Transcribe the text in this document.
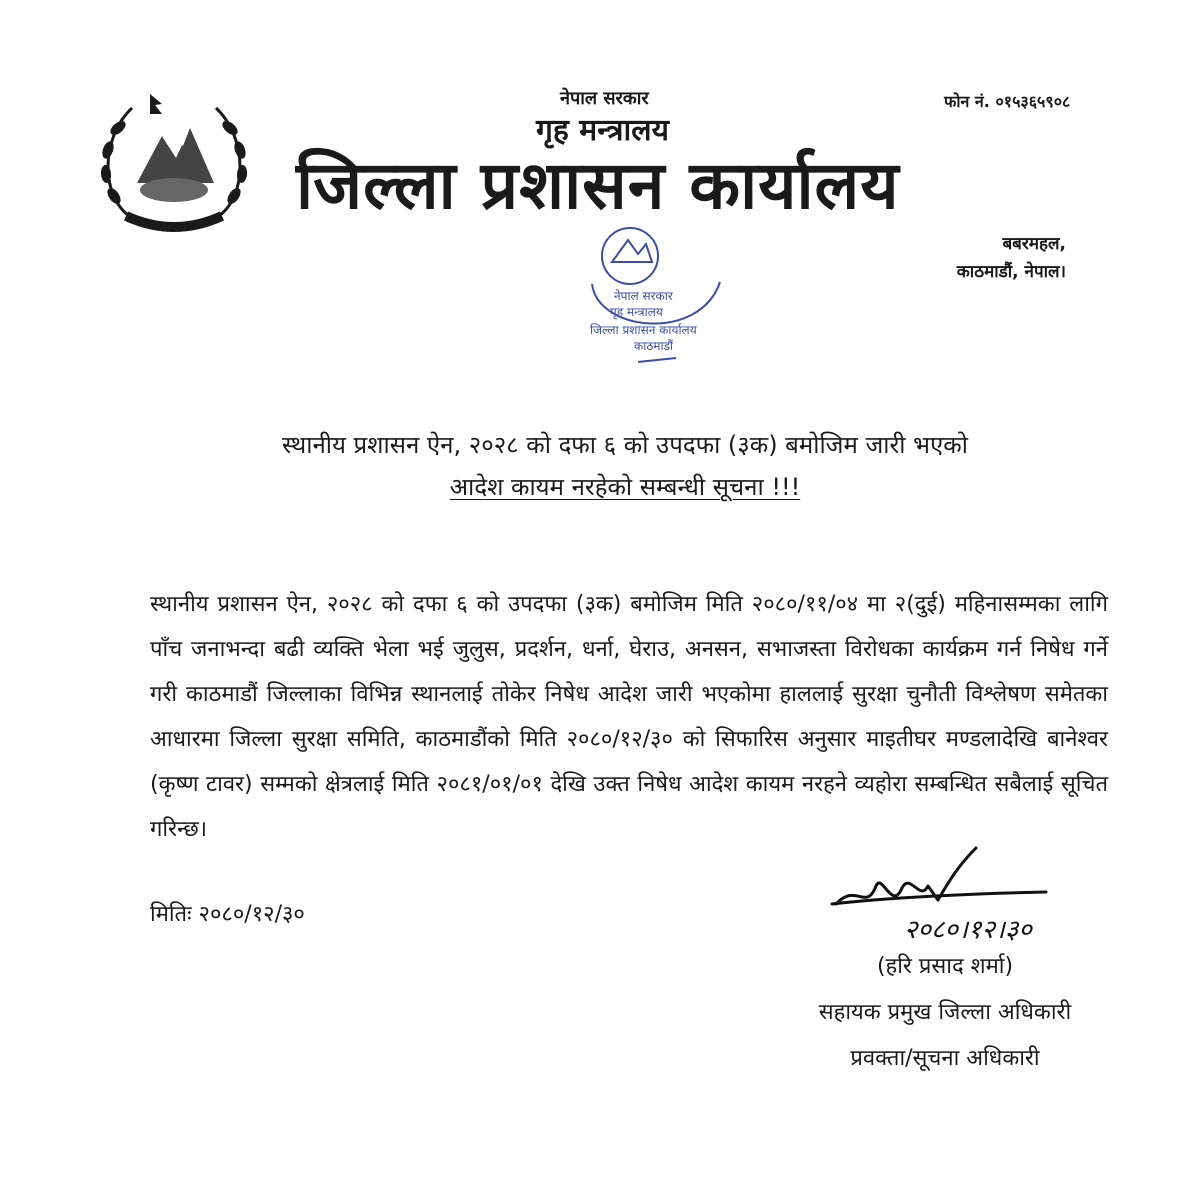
नेपाल सरकार
गृह मन्त्रालय
जिल्ला प्रशासन कार्यालय
फोन नं. ०१५३६५९०८
बबरमहल,
काठमाडौं, नेपाल।
नेपाल सरकार
गृह मन्त्रालय
जिल्ला प्रशासन कार्यालय
काठमाडौं
स्थानीय प्रशासन ऐन, २०२८ को दफा ६ को उपदफा (३क) बमोजिम जारी भएको
आदेश कायम नरहेको सम्बन्धी सूचना !!!
स्थानीय प्रशासन ऐन, २०२८ को दफा ६ को उपदफा (३क) बमोजिम मिति २०८०/११/०४ मा २(दुई) महिनासम्मका लागि पाँच जनाभन्दा बढी व्यक्ति भेला भई जुलुस, प्रदर्शन, धर्ना, घेराउ, अनसन, सभाजस्ता विरोधका कार्यक्रम गर्न निषेध गर्ने गरी काठमाडौं जिल्लाका विभिन्न स्थानलाई तोकेर निषेध आदेश जारी भएकोमा हाललाई सुरक्षा चुनौती विश्लेषण समेतका आधारमा जिल्ला सुरक्षा समिति, काठमाडौंको मिति २०८०/१२/३० को सिफारिस अनुसार माइतीघर मण्डलादेखि बानेश्वर (कृष्ण टावर) सम्मको क्षेत्रलाई मिति २०८१/०१/०१ देखि उक्त निषेध आदेश कायम नरहने व्यहोरा सम्बन्धित सबैलाई सूचित गरिन्छ।
मितिः २०८०/१२/३०
२०८०।१२।३०
(हरि प्रसाद शर्मा)
सहायक प्रमुख जिल्ला अधिकारी
प्रवक्ता/सूचना अधिकारी
